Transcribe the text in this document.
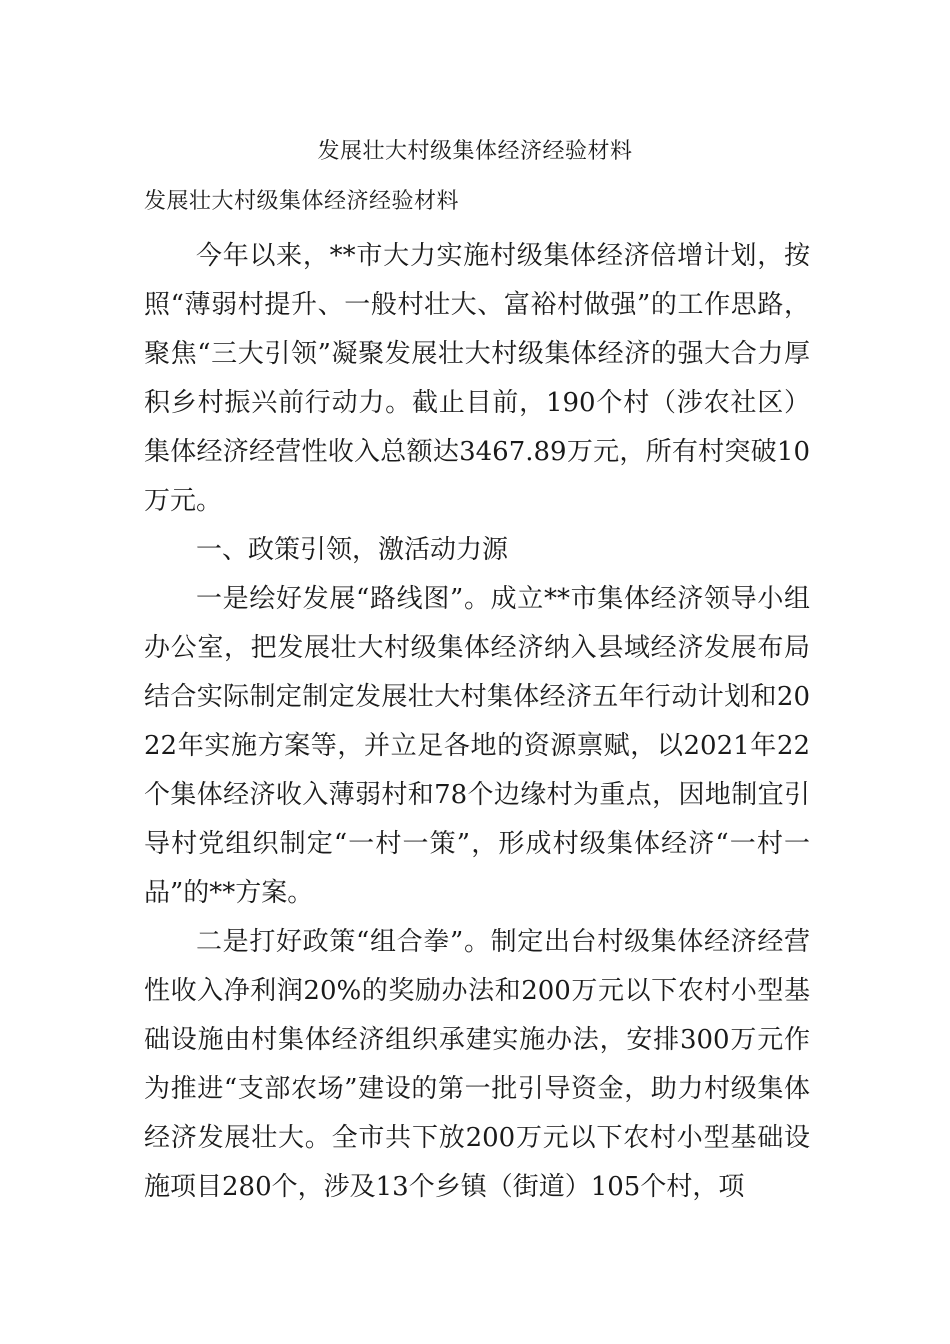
发展壮大村级集体经济经验材料
发展壮大村级集体经济经验材料

今年以来，**市大力实施村级集体经济倍增计划，按照“薄弱村提升、一般村壮大、富裕村做强”的工作思路，聚焦“三大引领”凝聚发展壮大村级集体经济的强大合力厚积乡村振兴前行动力。截止目前，190个村（涉农社区）集体经济经营性收入总额达3467.89万元，所有村突破10万元。

一、政策引领，激活动力源

一是绘好发展“路线图”。成立**市集体经济领导小组办公室，把发展壮大村级集体经济纳入县域经济发展布局结合实际制定制定发展壮大村集体经济五年行动计划和2022年实施方案等，并立足各地的资源禀赋，以2021年22个集体经济收入薄弱村和78个边缘村为重点，因地制宜引导村党组织制定“一村一策”，形成村级集体经济“一村一品”的**方案。

二是打好政策“组合拳”。制定出台村级集体经济经营性收入净利润20%的奖励办法和200万元以下农村小型基础设施由村集体经济组织承建实施办法，安排300万元作为推进“支部农场”建设的第一批引导资金，助力村级集体经济发展壮大。全市共下放200万元以下农村小型基础设施项目280个，涉及13个乡镇（街道）105个村，项
